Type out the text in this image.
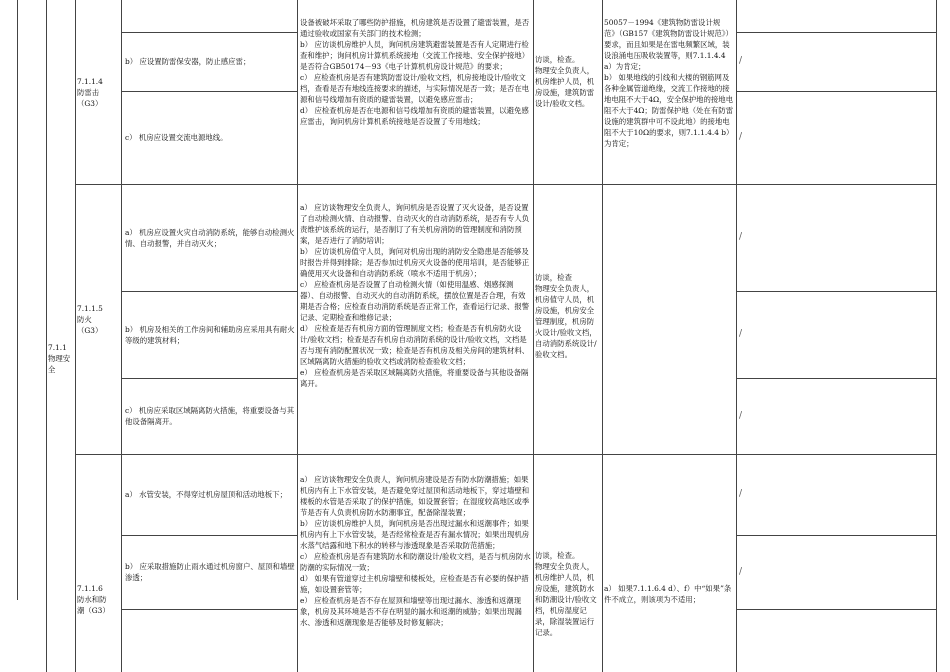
7.1.1
物理安
全
7.1.1.4
防雷击
（G3）
b） 应设置防雷保安器，防止感应雷；
c） 机房应设置交流电源地线。
设备被破坏采取了哪些防护措施，机房建筑是否设置了避雷装置，是否通过验收或国家有关部门的技术检测；
b） 应访谈机房维护人员，询问机房建筑避雷装置是否有人定期进行检查和维护；询问机房计算机系统接地（交流工作接地、安全保护接地）是否符合GB50174－93《电子计算机机房设计规范》的要求；
c） 应检查机房是否有建筑防雷设计/验收文档，机房接地设计/验收文档，查看是否有地线连接要求的描述，与实际情况是否一致；是否在电源和信号线增加有资质的避雷装置，以避免感应雷击；
d） 应检查机房是否在电源和信号线增加有资质的避雷装置，以避免感应雷击，询问机房计算机系统接地是否设置了专用地线；
访谈，检查。
物理安全负责人，机房维护人员，机房设施，建筑防雷设计/验收文档。
50057－1994《建筑物防雷设计规范》（GB157《建筑物防雷设计规范》）要求，而且如果是在雷电频繁区域，装设浪涌电压吸收装置等，则7.1.1.4.4 a）为肯定；
b） 如果地线的引线和大楼的钢筋网及各种金属管道绝缘，交流工作接地的接地电阻不大于4Ω，安全保护地的接地电阻不大于4Ω；防雷保护地（处在有防雷设施的建筑群中可不设此地）的接地电阻不大于10Ω的要求，则7.1.1.4.4 b）为肯定；
/
/
7.1.1.5
防火
（G3）
a） 机房应设置火灾自动消防系统，能够自动检测火情、自动报警，并自动灭火；
b） 机房及相关的工作房间和辅助房应采用具有耐火等级的建筑材料；
c） 机房应采取区域隔离防火措施，将重要设备与其他设备隔离开。
a） 应访谈物理安全负责人，询问机房是否设置了灭火设备，是否设置了自动检测火情、自动报警、自动灭火的自动消防系统，是否有专人负责维护该系统的运行，是否制订了有关机房消防的管理制度和消防预案，是否进行了消防培训；
b） 应访谈机房值守人员，询问对机房出现的消防安全隐患是否能够及时报告并得到排除；是否参加过机房灭火设备的使用培训，是否能够正确使用灭火设备和自动消防系统（喷水不适用于机房）；
c） 应检查机房是否设置了自动检测火情（如使用温感、烟感探测器）、自动报警、自动灭火的自动消防系统，摆放位置是否合理，有效期是否合格；应检查自动消防系统是否正常工作，查看运行记录、报警记录、定期检查和维修记录；
d） 应检查是否有机房方面的管理制度文档；检查是否有机房防火设计/验收文档；检查是否有机房自动消防系统的设计/验收文档，文档是否与现有消防配置状况一致；检查是否有机房及相关房间的建筑材料、区域隔离防火措施的验收文档或消防检查验收文档；
e） 应检查机房是否采取区域隔离防火措施，将重要设备与其他设备隔离开。
访谈，检查
物理安全负责人，机房值守人员，机房设施，机房安全管理制度，机房防火设计/验收文档，自动消防系统设计/验收文档。
/
/
/
7.1.1.6
防水和防
潮（G3）
a） 水管安装，不得穿过机房屋顶和活动地板下；
b） 应采取措施防止雨水通过机房窗户、屋顶和墙壁渗透；
a） 应访谈物理安全负责人，询问机房建设是否有防水防潮措施；如果机房内有上下水管安装，是否避免穿过屋顶和活动地板下，穿过墙壁和楼板的水管是否采取了的保护措施，如设置套管；在湿度较高地区或季节是否有人负责机房防水防潮事宜，配备除湿装置；
b） 应访谈机房维护人员，询问机房是否出现过漏水和返潮事件；如果机房内有上下水管安装，是否经常检查是否有漏水情况；如果出现机房水蒸气结露和地下积水的转移与渗透现象是否采取防范措施；
c） 应检查机房是否有建筑防水和防潮设计/验收文档，是否与机房防水防潮的实际情况一致；
d） 如果有管道穿过主机房墙壁和楼板处，应检查是否有必要的保护措施，如设置套管等；
e） 应检查机房是否不存在屋顶和墙壁等出现过漏水、渗透和返潮现象，机房及其环境是否不存在明显的漏水和返潮的威胁；如果出现漏水、渗透和返潮现象是否能够及时修复解决；
访谈，检查。
物理安全负责人，机房维护人员，机房设施，建筑防水和防潮设计/验收文档，机房湿度记录，除湿装置运行记录。
a） 如果7.1.1.6.4 d）、f）中“如果”条件不成立，则该项为不适用；
/
/
